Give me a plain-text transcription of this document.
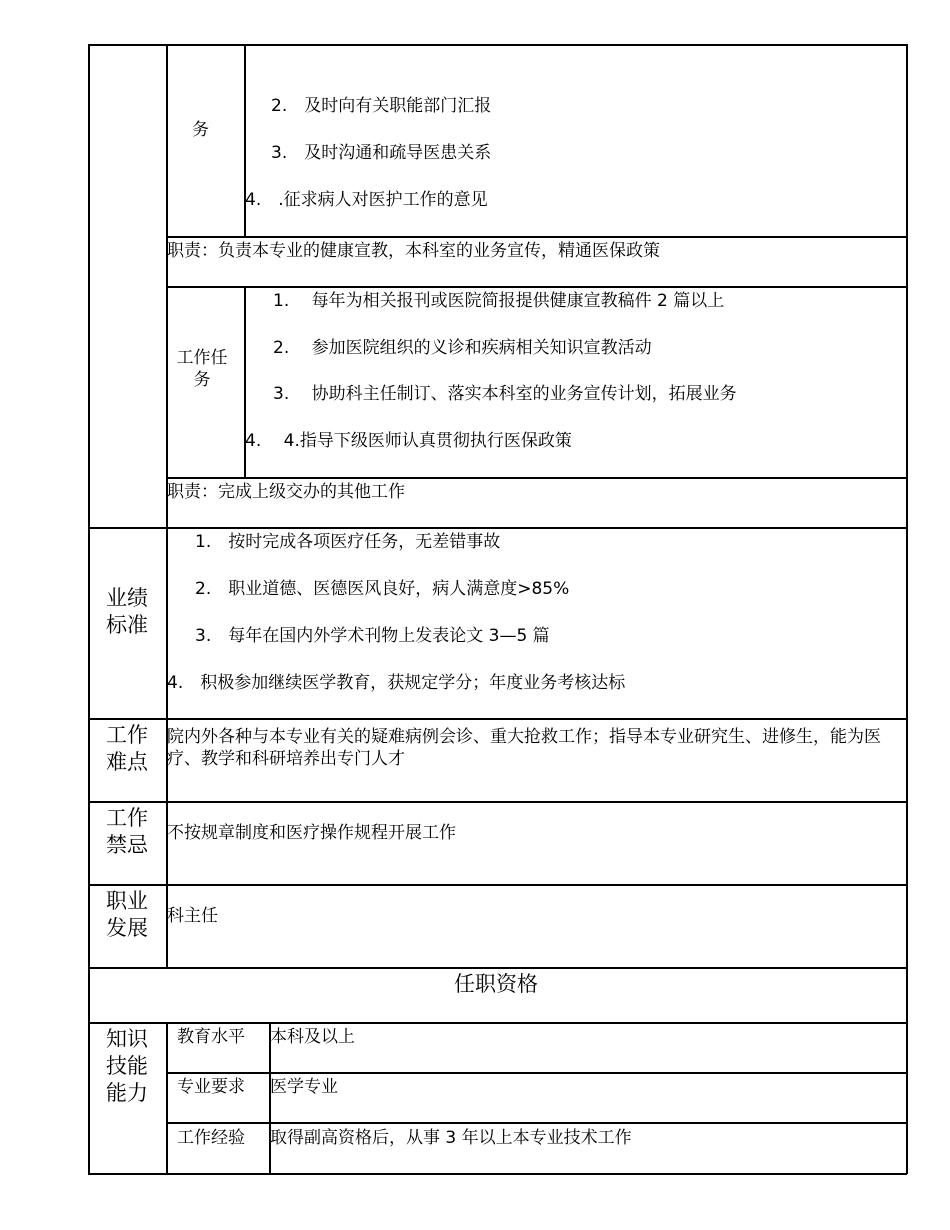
务
2.　及时向有关职能部门汇报
3.　及时沟通和疏导医患关系
4.　.征求病人对医护工作的意见
职责：负责本专业的健康宣教，本科室的业务宣传，精通医保政策
工作任务
1.　 每年为相关报刊或医院简报提供健康宣教稿件 2 篇以上
2.　 参加医院组织的义诊和疾病相关知识宣教活动
3.　 协助科主任制订、落实本科室的业务宣传计划，拓展业务
4.　 4.指导下级医师认真贯彻执行医保政策
职责：完成上级交办的其他工作
业绩标准
1.　按时完成各项医疗任务，无差错事故
2.　职业道德、医德医风良好，病人满意度>85%
3.　每年在国内外学术刊物上发表论文 3—5 篇
4.　积极参加继续医学教育，获规定学分；年度业务考核达标
工作难点
院内外各种与本专业有关的疑难病例会诊、重大抢救工作；指导本专业研究生、进修生，能为医疗、教学和科研培养出专门人才
工作禁忌 不按规章制度和医疗操作规程开展工作
职业发展 科主任
任职资格
知识技能能力
教育水平 本科及以上
专业要求 医学专业
工作经验 取得副高资格后，从事 3 年以上本专业技术工作
